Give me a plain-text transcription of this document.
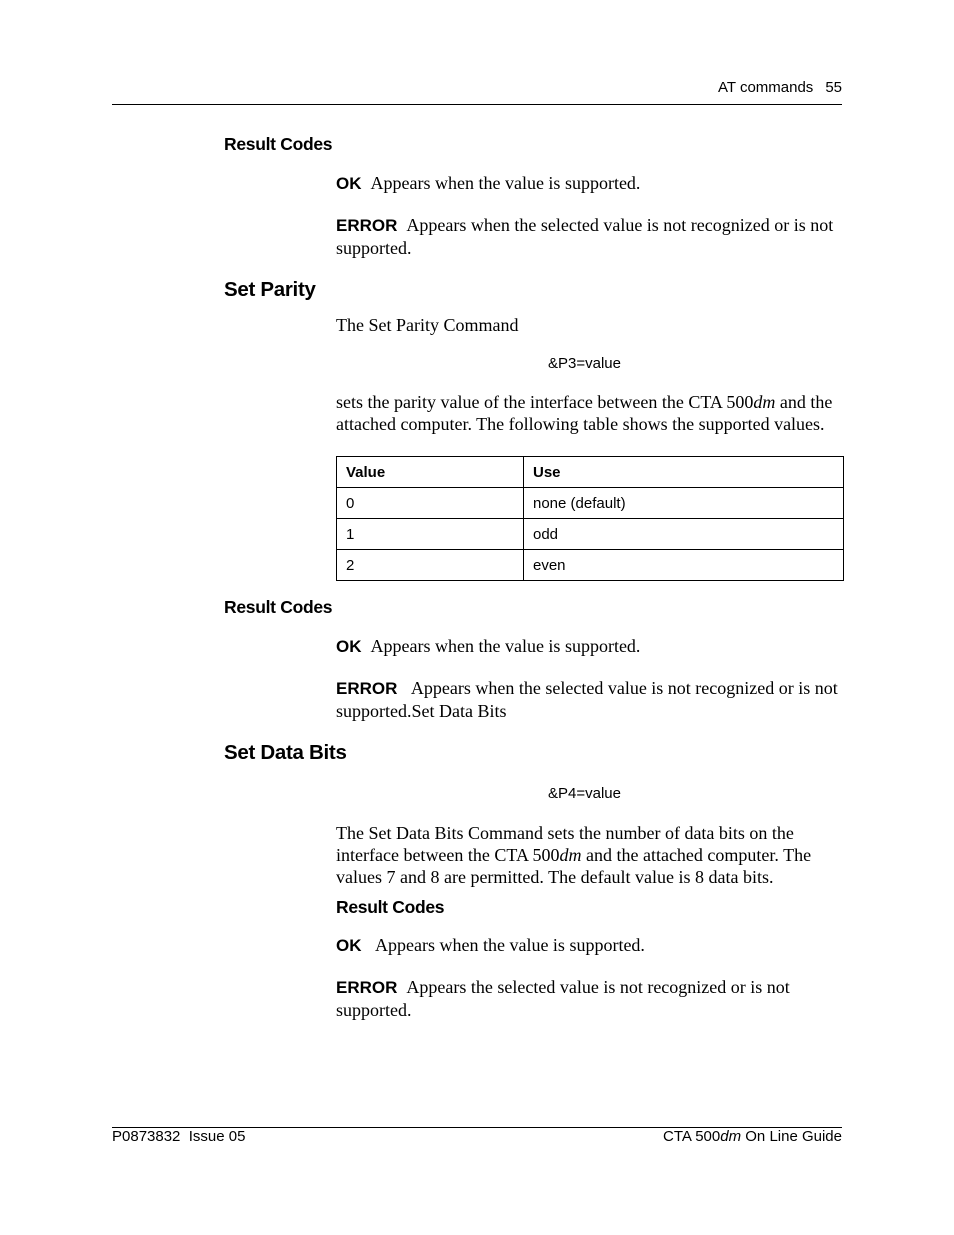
AT commands 55
Result Codes
OK Appears when the value is supported.
ERROR Appears when the selected value is not recognized or is not supported.
Set Parity
The Set Parity Command
&P3=value
sets the parity value of the interface between the CTA 500dm and the attached computer. The following table shows the supported values.
Value	Use
0	none (default)
1	odd
2	even
Result Codes
OK Appears when the value is supported.
ERROR Appears when the selected value is not recognized or is not supported.Set Data Bits
Set Data Bits
&P4=value
The Set Data Bits Command sets the number of data bits on the interface between the CTA 500dm and the attached computer. The values 7 and 8 are permitted. The default value is 8 data bits.
Result Codes
OK Appears when the value is supported.
ERROR Appears the selected value is not recognized or is not supported.
P0873832 Issue 05	CTA 500dm On Line Guide
